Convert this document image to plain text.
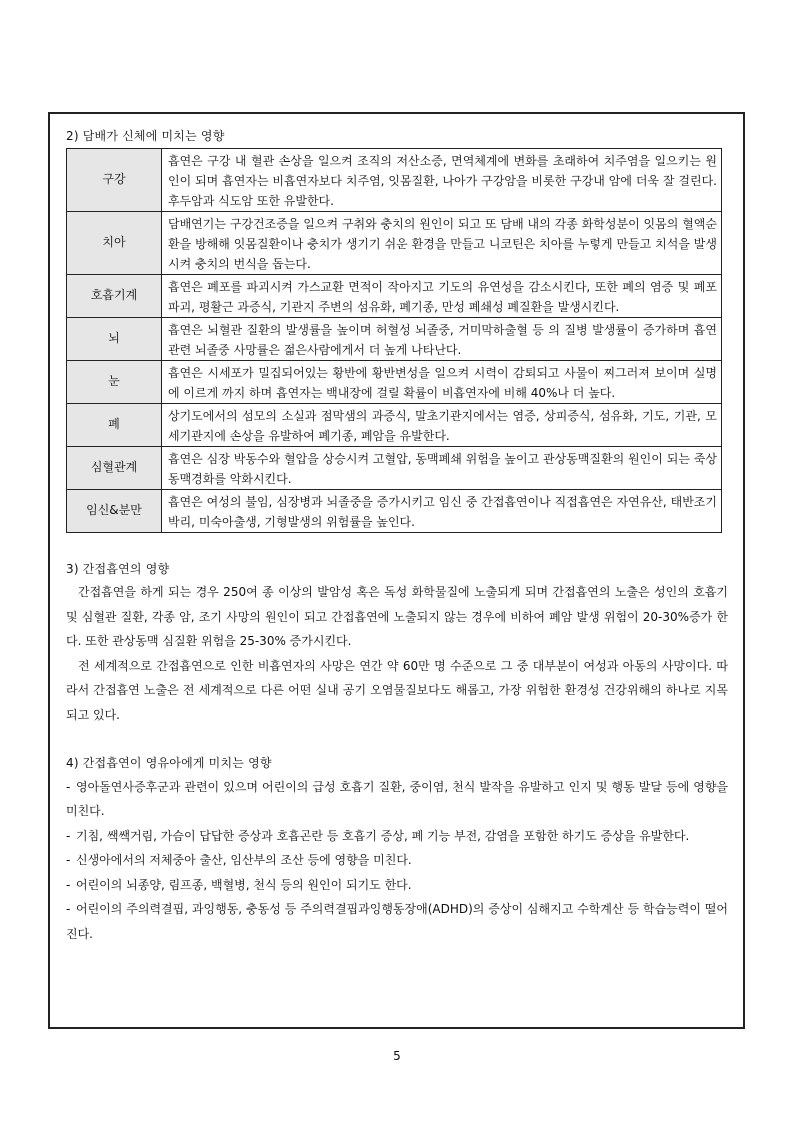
2) 담배가 신체에 미치는 영향
구강	흡연은 구강 내 혈관 손상을 일으켜 조직의 저산소증, 면역체계에 변화를 초래하여 치주염을 일으키는 원인이 되며 흡연자는 비흡연자보다 치주염, 잇몸질환, 나아가 구강암을 비롯한 구강내 암에 더욱 잘 걸린다. 후두암과 식도암 또한 유발한다.
치아	담배연기는 구강건조증을 일으켜 구취와 충치의 원인이 되고 또 담배 내의 각종 화학성분이 잇몸의 혈액순환을 방해해 잇몸질환이나 충치가 생기기 쉬운 환경을 만들고 니코틴은 치아를 누렇게 만들고 치석을 발생시켜 충치의 번식을 돕는다.
호흡기계	흡연은 폐포를 파괴시켜 가스교환 면적이 작아지고 기도의 유연성을 감소시킨다, 또한 폐의 염증 및 폐포 파괴, 평활근 과증식, 기관지 주변의 섬유화, 폐기종, 만성 폐쇄성 폐질환을 발생시킨다.
뇌	흡연은 뇌혈관 질환의 발생률을 높이며 허혈성 뇌졸중, 거미막하출혈 등 의 질병 발생률이 증가하며 흡연 관련 뇌졸중 사망률은 젊은사람에게서 더 높게 나타난다.
눈	흡연은 시세포가 밀집되어있는 황반에 황반변성을 일으켜 시력이 감퇴되고 사물이 찌그러져 보이며 실명에 이르게 까지 하며 흡연자는 백내장에 걸릴 확률이 비흡연자에 비해 40%나 더 높다.
폐	상기도에서의 섬모의 소실과 점막샘의 과증식, 말초기관지에서는 염증, 상피증식, 섬유화, 기도, 기관, 모세기관지에 손상을 유발하여 폐기종, 폐암을 유발한다.
심혈관계	흡연은 심장 박동수와 혈압을 상승시켜 고혈압, 동맥폐쇄 위험을 높이고 관상동맥질환의 원인이 되는 죽상동맥경화를 악화시킨다.
임신&분만	흡연은 여성의 불임, 심장병과 뇌졸중을 증가시키고 임신 중 간접흡연이나 직접흡연은 자연유산, 태반조기박리, 미숙아출생, 기형발생의 위험률을 높인다.
3) 간접흡연의 영향

간접흡연을 하게 되는 경우 250여 종 이상의 발암성 혹은 독성 화학물질에 노출되게 되며 간접흡연의 노출은 성인의 호흡기 및 심혈관 질환, 각종 암, 조기 사망의 원인이 되고 간접흡연에 노출되지 않는 경우에 비하여 폐암 발생 위험이 20-30%증가 한다. 또한 관상동맥 심질환 위험을 25-30% 증가시킨다.

전 세계적으로 간접흡연으로 인한 비흡연자의 사망은 연간 약 60만 명 수준으로 그 중 대부분이 여성과 아동의 사망이다. 따라서 간접흡연 노출은 전 세계적으로 다른 어떤 실내 공기 오염물질보다도 해롭고, 가장 위험한 환경성 건강위해의 하나로 지목되고 있다.

4) 간접흡연이 영유아에게 미치는 영향
- 영아돌연사증후군과 관련이 있으며 어린이의 급성 호흡기 질환, 중이염, 천식 발작을 유발하고 인지 및 행동 발달 등에 영향을 미친다.
- 기침, 쌕쌕거림, 가슴이 답답한 증상과 호흡곤란 등 호흡기 증상, 폐 기능 부전, 감염을 포함한 하기도 증상을 유발한다.
- 신생아에서의 저체중아 출산, 임산부의 조산 등에 영향을 미친다.
- 어린이의 뇌종양, 림프종, 백혈병, 천식 등의 원인이 되기도 한다.
- 어린이의 주의력결핍, 과잉행동, 충동성 등 주의력결핍과잉행동장애(ADHD)의 증상이 심해지고 수학계산 등 학습능력이 떨어진다.
5
